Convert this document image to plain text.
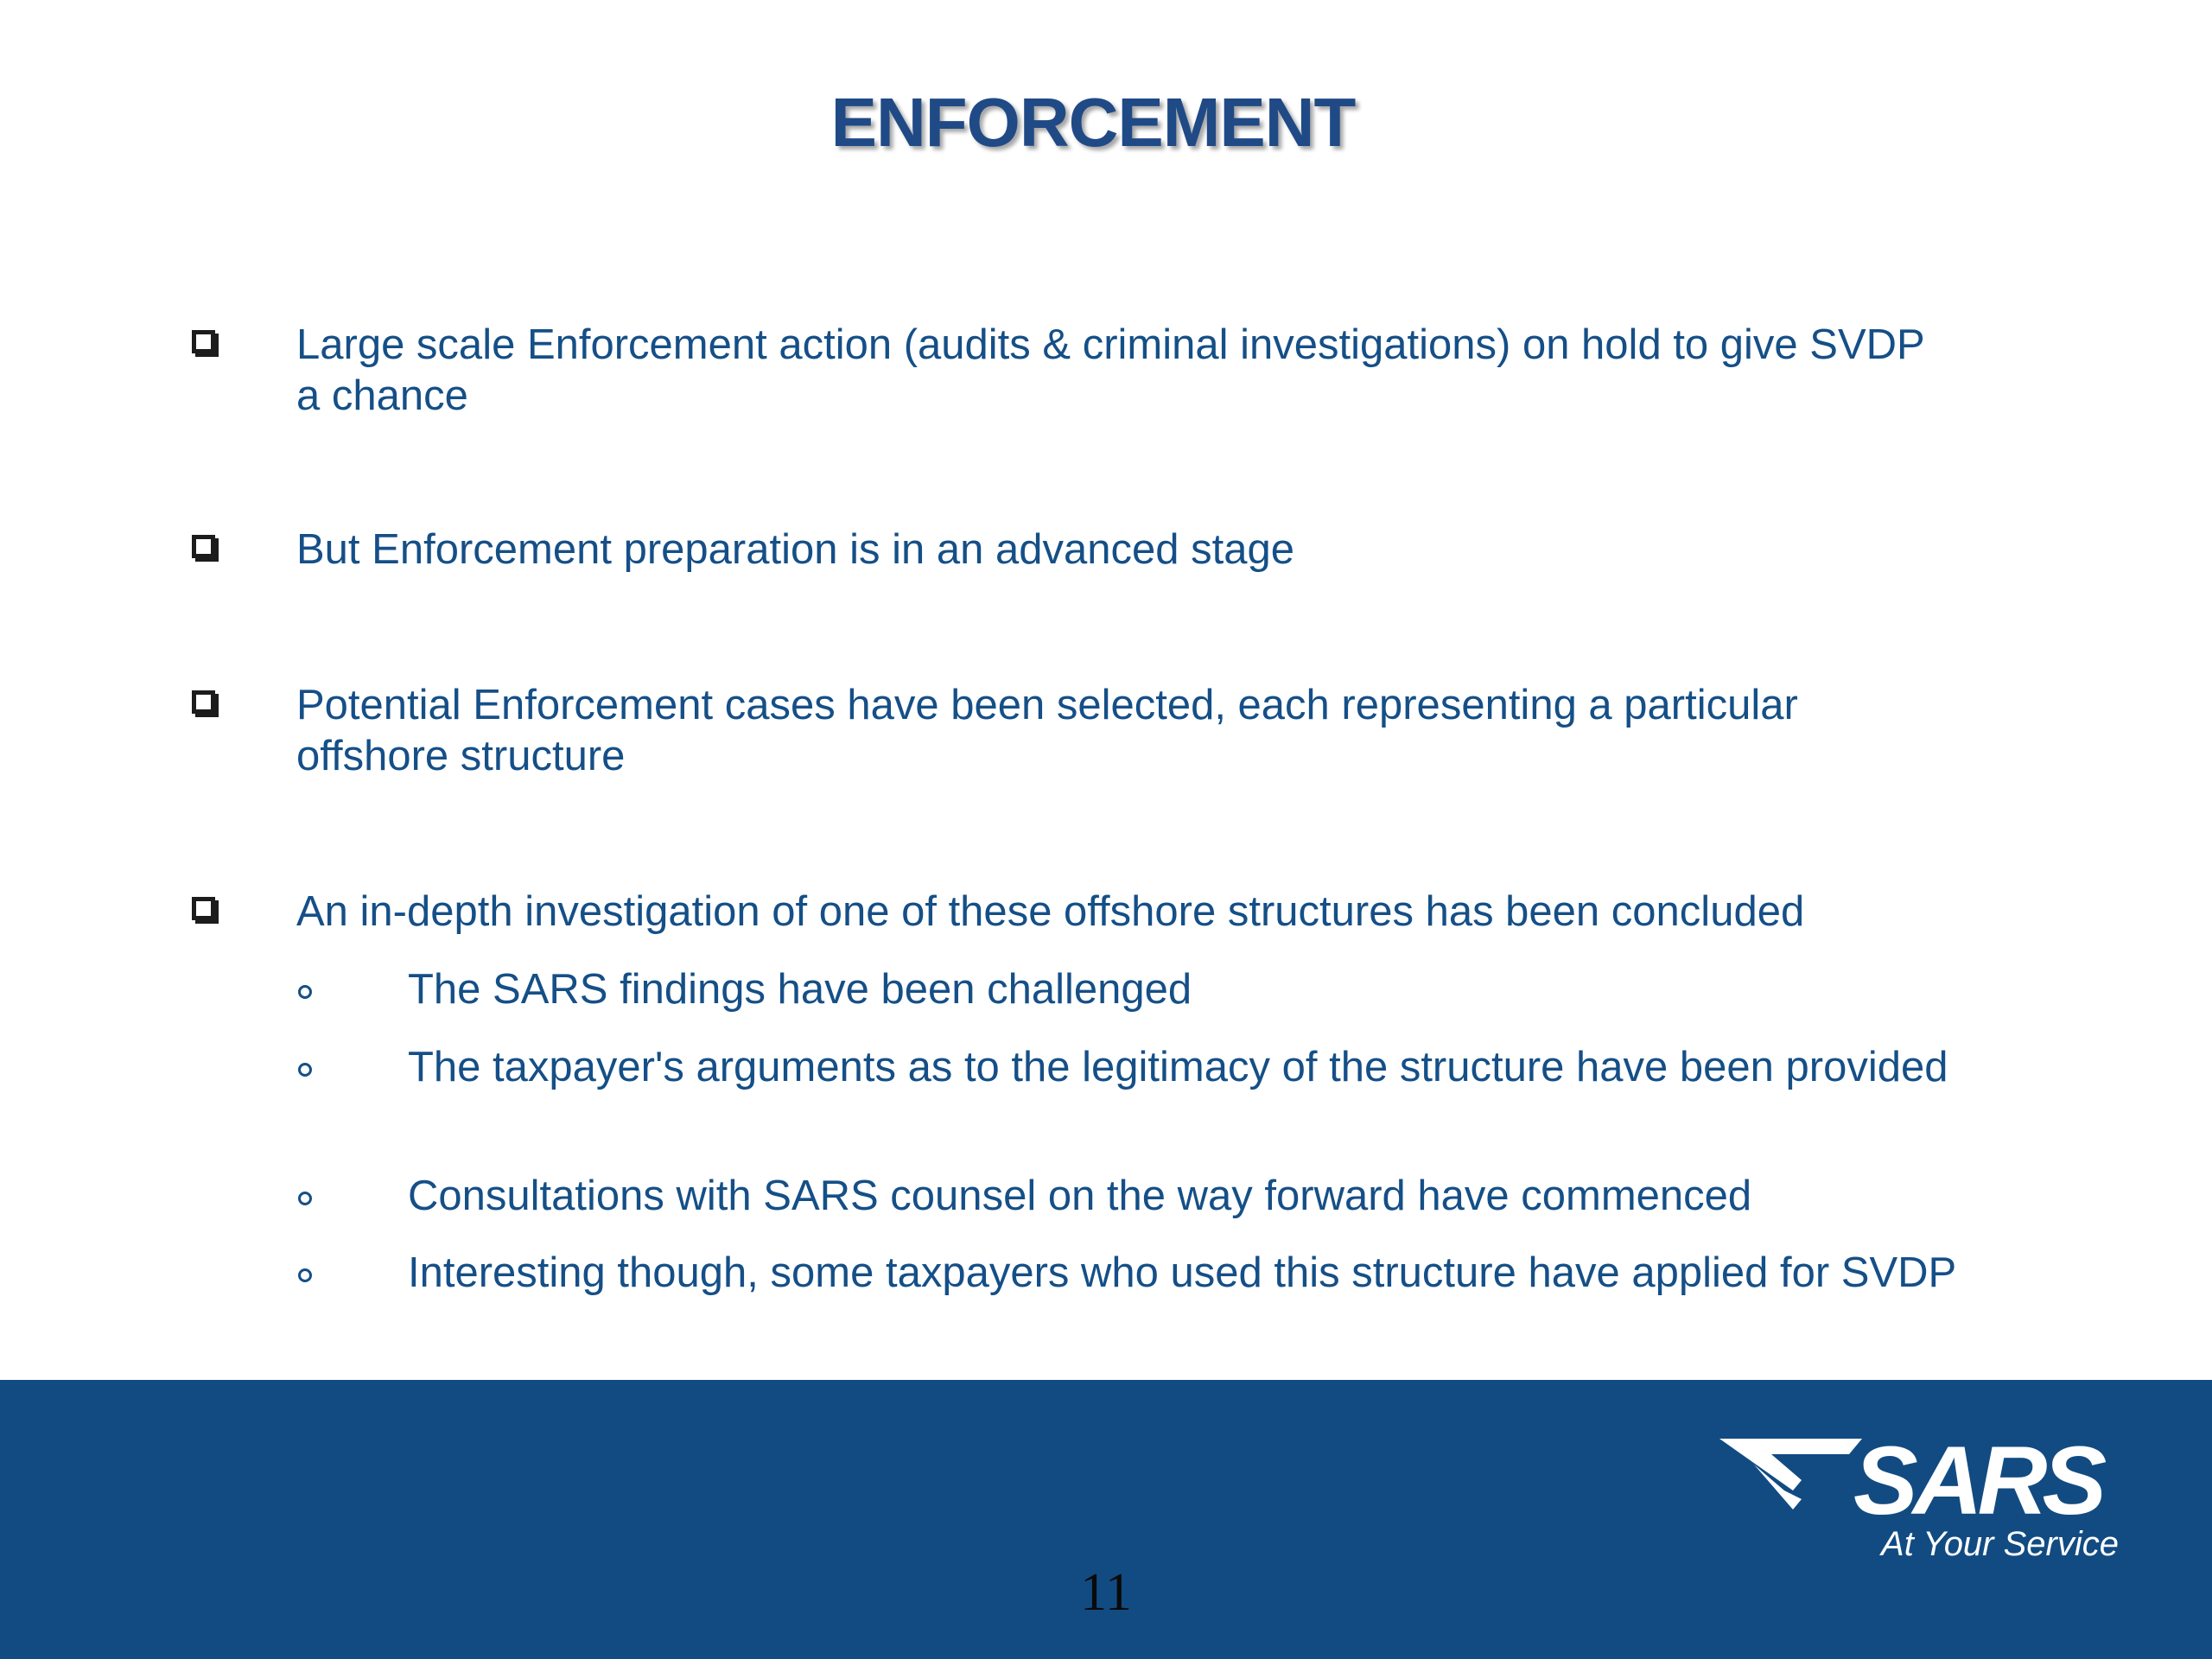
ENFORCEMENT
Large scale Enforcement action (audits & criminal investigations) on hold to give SVDP a chance
But Enforcement preparation is in an advanced stage
Potential Enforcement cases have been selected, each representing a particular offshore structure
An in-depth investigation of one of these offshore structures has been concluded
The SARS findings have been challenged
The taxpayer's arguments as to the legitimacy of the structure have been provided
Consultations with SARS counsel on the way forward have commenced
Interesting though, some taxpayers who used this structure have applied for SVDP
11
SARS
At Your Service
